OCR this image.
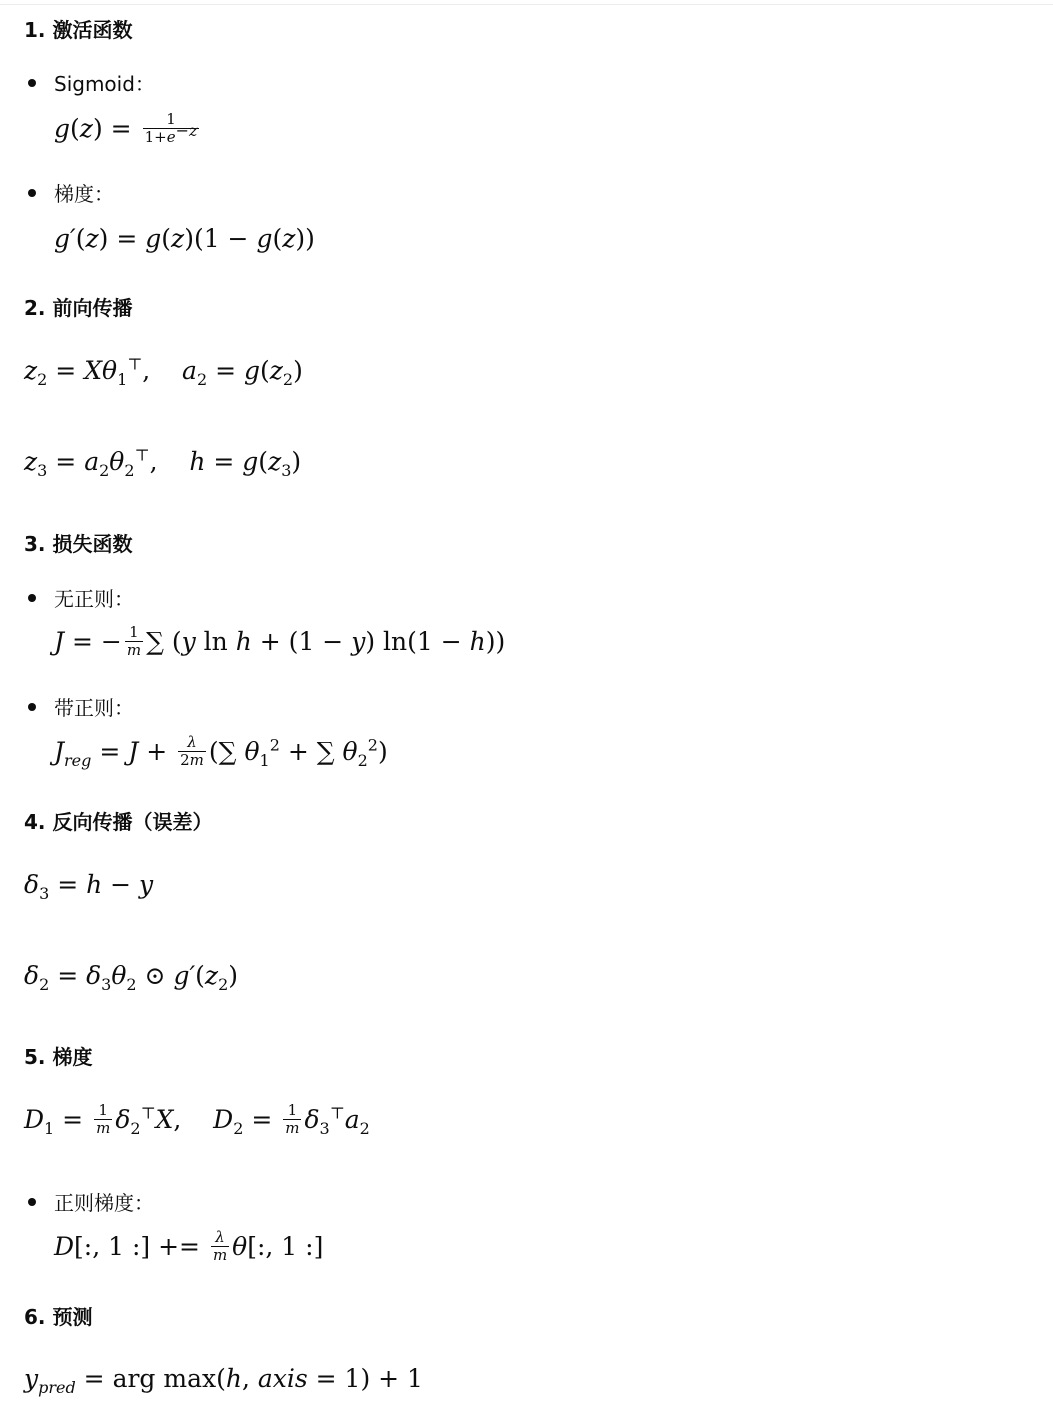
1. 激活函数
Sigmoid：
$g(z) = \frac{1}{1+e^{-z}}$
梯度：
g′(z) = g(z)(1 − g(z))
2. 前向传播
$z_2 = X\theta_1^⊤$,    $a_2 = g(z_2)$
$z_3 = a_2\theta_2^⊤$,    $h = g(z_3)$
3. 损失函数
无正则：
J = − $\frac{1}{m}$ ∑ (y ln h + (1 − y) ln(1 − h))
带正则：
$J_{reg} = J + \frac{\lambda}{2m}$ (∑ $\theta_1^2$ + ∑ $\theta_2^2$)
4. 反向传播（误差）
$\delta_3 = h - y$
$\delta_2 = \delta_3\theta_2$ ⊙ $g'(z_2)$
5. 梯度
$D_1 = \frac{1}{m} \delta_2^⊤X$,    $D_2 = \frac{1}{m} \delta_3^⊤a_2$
正则梯度：
D[:, 1 :] += $\frac{\lambda}{m} \theta$[:, 1 :]
6. 预测
$y_{pred}$ = arg max(h, axis = 1) + 1
